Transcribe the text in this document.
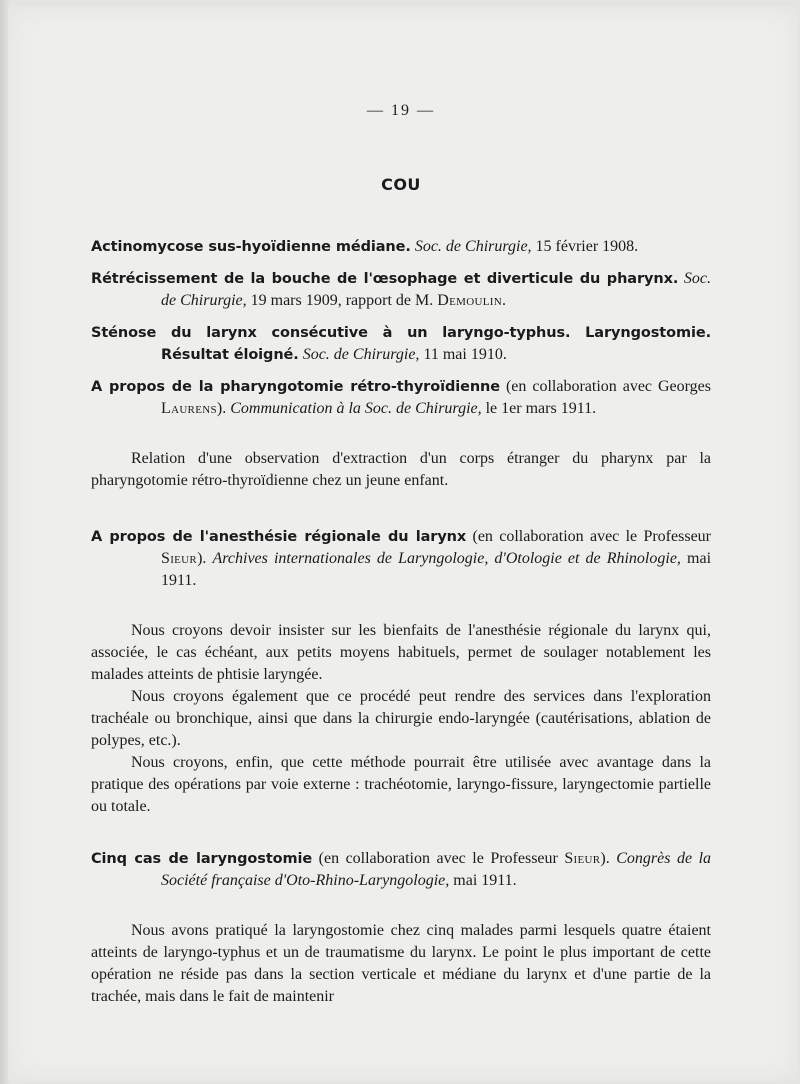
— 19 —
COU

Actinomycose sus-hyoïdienne médiane. Soc. de Chirurgie, 15 février 1908.

Rétrécissement de la bouche de l'œsophage et diverticule du pharynx. Soc. de Chirurgie, 19 mars 1909, rapport de M. Demoulin.

Sténose du larynx consécutive à un laryngo-typhus. Laryngostomie. Résultat éloigné. Soc. de Chirurgie, 11 mai 1910.

A propos de la pharyngotomie rétro-thyroïdienne (en collaboration avec Georges Laurens). Communication à la Soc. de Chirurgie, le 1er mars 1911.

Relation d'une observation d'extraction d'un corps étranger du pharynx par la pharyngotomie rétro-thyroïdienne chez un jeune enfant.

A propos de l'anesthésie régionale du larynx (en collaboration avec le Professeur Sieur). Archives internationales de Laryngologie, d'Otologie et de Rhinologie, mai 1911.

Nous croyons devoir insister sur les bienfaits de l'anesthésie régionale du larynx qui, associée, le cas échéant, aux petits moyens habituels, permet de soulager notablement les malades atteints de phtisie laryngée.

Nous croyons également que ce procédé peut rendre des services dans l'exploration trachéale ou bronchique, ainsi que dans la chirurgie endo-laryngée (cautérisations, ablation de polypes, etc.).

Nous croyons, enfin, que cette méthode pourrait être utilisée avec avantage dans la pratique des opérations par voie externe : trachéotomie, laryngo-fissure, laryngectomie partielle ou totale.

Cinq cas de laryngostomie (en collaboration avec le Professeur Sieur). Congrès de la Société française d'Oto-Rhino-Laryngologie, mai 1911.

Nous avons pratiqué la laryngostomie chez cinq malades parmi lesquels quatre étaient atteints de laryngo-typhus et un de traumatisme du larynx. Le point le plus important de cette opération ne réside pas dans la section verticale et médiane du larynx et d'une partie de la trachée, mais dans le fait de maintenir
